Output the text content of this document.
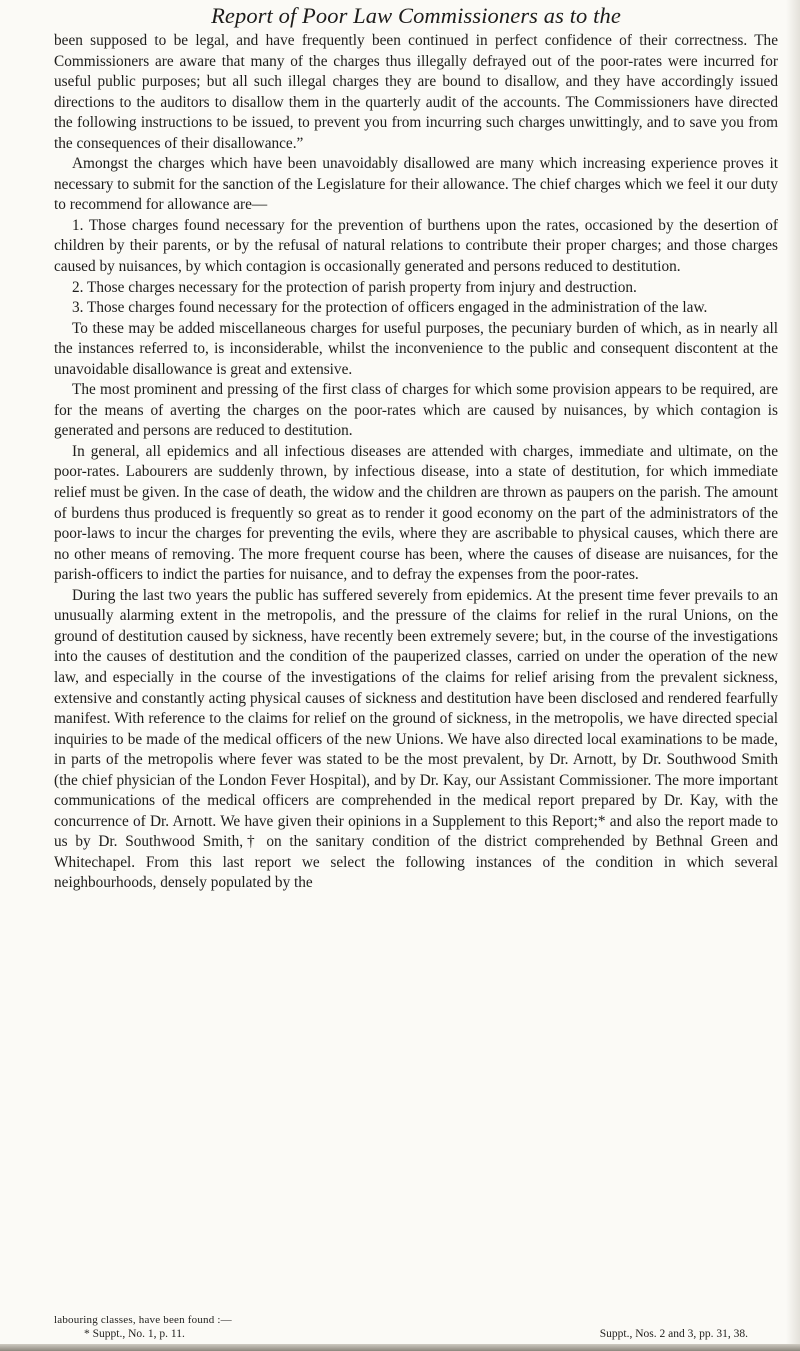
Report of Poor Law Commissioners as to the

been supposed to be legal, and have frequently been continued in perfect confidence of their correctness. The Commissioners are aware that many of the charges thus illegally defrayed out of the poor-rates were incurred for useful public purposes; but all such illegal charges they are bound to disallow, and they have accordingly issued directions to the auditors to disallow them in the quarterly audit of the accounts. The Commissioners have directed the following instructions to be issued, to prevent you from incurring such charges unwittingly, and to save you from the consequences of their disallowance.”

Amongst the charges which have been unavoidably disallowed are many which increasing experience proves it necessary to submit for the sanction of the Legislature for their allowance. The chief charges which we feel it our duty to recommend for allowance are—

1. Those charges found necessary for the prevention of burthens upon the rates, occasioned by the desertion of children by their parents, or by the refusal of natural relations to contribute their proper charges; and those charges caused by nuisances, by which contagion is occasionally generated and persons reduced to destitution.

2. Those charges necessary for the protection of parish property from injury and destruction.

3. Those charges found necessary for the protection of officers engaged in the administration of the law.

To these may be added miscellaneous charges for useful purposes, the pecuniary burden of which, as in nearly all the instances referred to, is inconsiderable, whilst the inconvenience to the public and consequent discontent at the unavoidable disallowance is great and extensive.

The most prominent and pressing of the first class of charges for which some provision appears to be required, are for the means of averting the charges on the poor-rates which are caused by nuisances, by which contagion is generated and persons are reduced to destitution.

In general, all epidemics and all infectious diseases are attended with charges, immediate and ultimate, on the poor-rates. Labourers are suddenly thrown, by infectious disease, into a state of destitution, for which immediate relief must be given. In the case of death, the widow and the children are thrown as paupers on the parish. The amount of burdens thus produced is frequently so great as to render it good economy on the part of the administrators of the poor-laws to incur the charges for preventing the evils, where they are ascribable to physical causes, which there are no other means of removing. The more frequent course has been, where the causes of disease are nuisances, for the parish-officers to indict the parties for nuisance, and to defray the expenses from the poor-rates.

During the last two years the public has suffered severely from epidemics. At the present time fever prevails to an unusually alarming extent in the metropolis, and the pressure of the claims for relief in the rural Unions, on the ground of destitution caused by sickness, have recently been extremely severe; but, in the course of the investigations into the causes of destitution and the condition of the pauperized classes, carried on under the operation of the new law, and especially in the course of the investigations of the claims for relief arising from the prevalent sickness, extensive and constantly acting physical causes of sickness and destitution have been disclosed and rendered fearfully manifest. With reference to the claims for relief on the ground of sickness, in the metropolis, we have directed special inquiries to be made of the medical officers of the new Unions. We have also directed local examinations to be made, in parts of the metropolis where fever was stated to be the most prevalent, by Dr. Arnott, by Dr. Southwood Smith (the chief physician of the London Fever Hospital), and by Dr. Kay, our Assistant Commissioner. The more important communications of the medical officers are comprehended in the medical report prepared by Dr. Kay, with the concurrence of Dr. Arnott. We have given their opinions in a Supplement to this Report;* and also the report made to us by Dr. Southwood Smith,† on the sanitary condition of the district comprehended by Bethnal Green and Whitechapel. From this last report we select the following instances of the condition in which several neighbourhoods, densely populated by the

labouring classes, have been found :—
* Suppt., No. 1, p. 11.	Suppt., Nos. 2 and 3, pp. 31, 38.
